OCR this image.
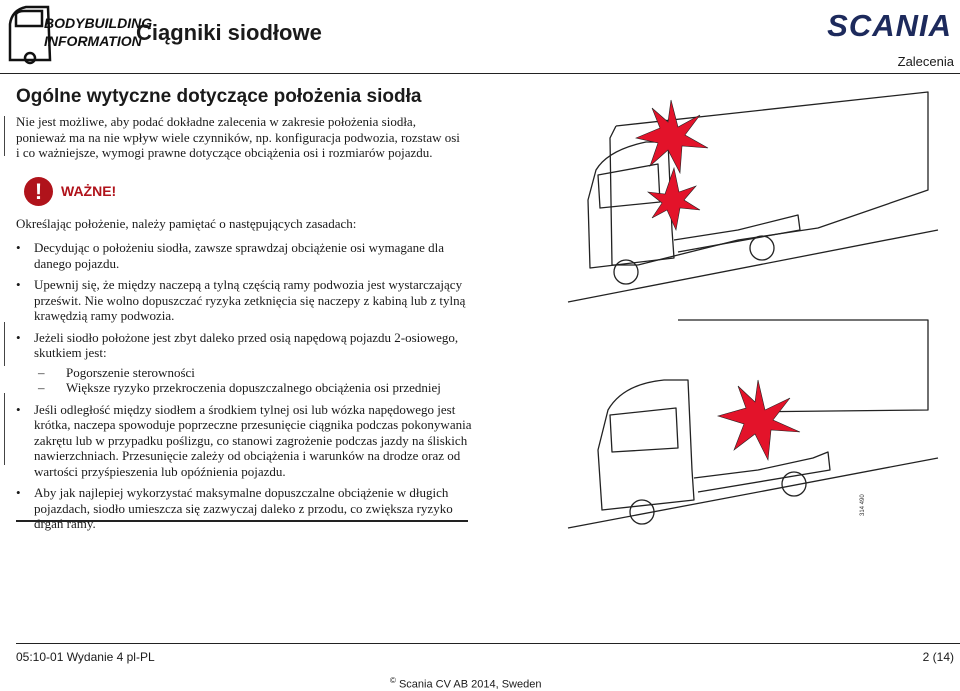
BODYBUILDING
INFORMATION
Ciągniki siodłowe	SCANIA
Zalecenia
Ogólne wytyczne dotyczące położenia siodła
Nie jest możliwe, aby podać dokładne zalecenia w zakresie położenia siodła, ponieważ ma na nie wpływ wiele czynników, np. konfiguracja podwozia, rozstaw osi i co ważniejsze, wymogi prawne dotyczące obciążenia osi i rozmiarów pojazdu.
!	WAŻNE!
Określając położenie, należy pamiętać o następujących zasadach:
• Decydując o położeniu siodła, zawsze sprawdzaj obciążenie osi wymagane dla danego pojazdu.
• Upewnij się, że między naczepą a tylną częścią ramy podwozia jest wystarczający prześwit. Nie wolno dopuszczać ryzyka zetknięcia się naczepy z kabiną lub z tylną krawędzią ramy podwozia.
• Jeżeli siodło położone jest zbyt daleko przed osią napędową pojazdu 2-osiowego, skutkiem jest:
– Pogorszenie sterowności
– Większe ryzyko przekroczenia dopuszczalnego obciążenia osi przedniej
• Jeśli odległość między siodłem a środkiem tylnej osi lub wózka napędowego jest krótka, naczepa spowoduje poprzeczne przesunięcie ciągnika podczas pokonywania zakrętu lub w przypadku poślizgu, co stanowi zagrożenie podczas jazdy na śliskich nawierzchniach. Przesunięcie zależy od obciążenia i warunków na drodze oraz od wartości przyśpieszenia lub opóźnienia pojazdu.
• Aby jak najlepiej wykorzystać maksymalne dopuszczalne obciążenie w długich pojazdach, siodło umieszcza się zazwyczaj daleko z przodu, co zwiększa ryzyko drgań ramy.
314 490
05:10-01 Wydanie 4 pl-PL	2 (14)
© Scania CV AB 2014, Sweden
